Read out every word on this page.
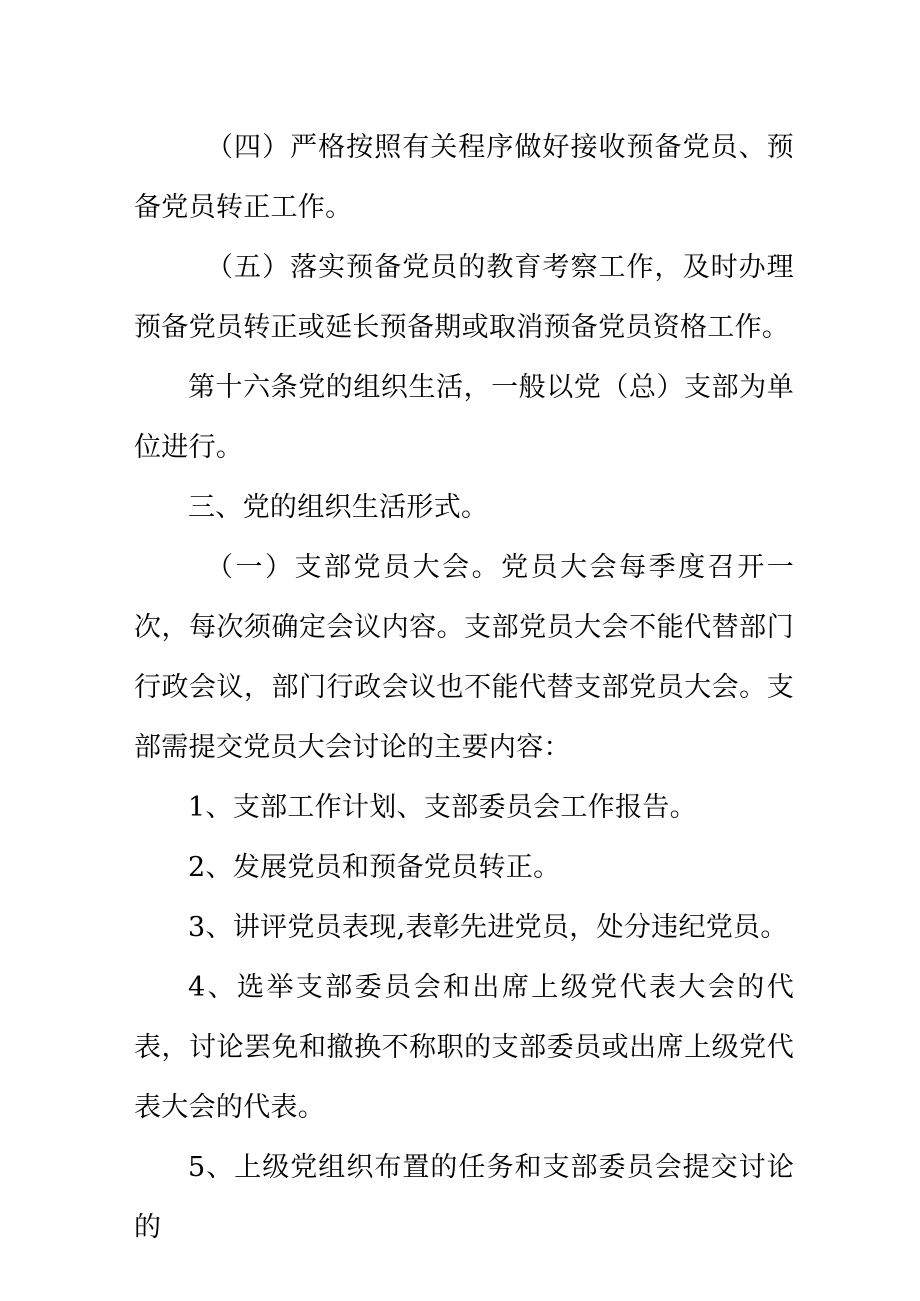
（四）严格按照有关程序做好接收预备党员、预备党员转正工作。

（五）落实预备党员的教育考察工作，及时办理预备党员转正或延长预备期或取消预备党员资格工作。

第十六条党的组织生活，一般以党（总）支部为单位进行。

三、党的组织生活形式。

（一）支部党员大会。党员大会每季度召开一次，每次须确定会议内容。支部党员大会不能代替部门行政会议，部门行政会议也不能代替支部党员大会。支部需提交党员大会讨论的主要内容：

1、支部工作计划、支部委员会工作报告。

2、发展党员和预备党员转正。

3、讲评党员表现,表彰先进党员，处分违纪党员。

4、选举支部委员会和出席上级党代表大会的代表，讨论罢免和撤换不称职的支部委员或出席上级党代表大会的代表。

5、上级党组织布置的任务和支部委员会提交讨论的
